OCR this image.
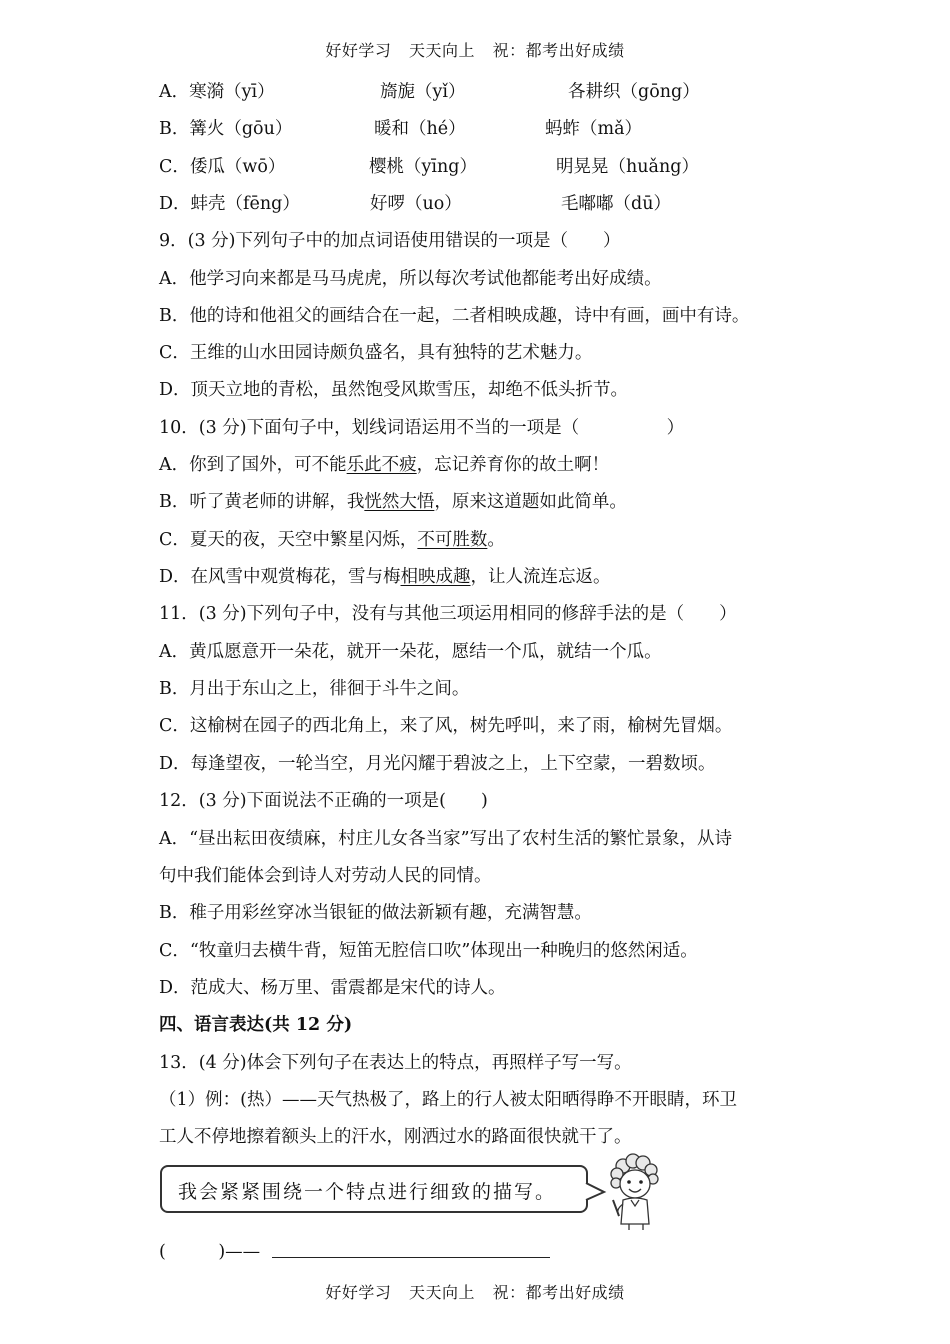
好好学习 天天向上 祝：都考出好成绩
A．寒漪（yī）	旖旎（yǐ）	各耕织（gōng）
B．篝火（gōu）	暖和（hé）	蚂蚱（mǎ）
C．倭瓜（wō）	樱桃（yīng）	明晃晃（huǎng）
D．蚌壳（fēng）	好啰（uo）	毛嘟嘟（dū）
9．(3 分)下列句子中的加点词语使用错误的一项是（　　）
A．他学习向来都是马马虎虎，所以每次考试他都能考出好成绩。
B．他的诗和他祖父的画结合在一起，二者相映成趣，诗中有画，画中有诗。
C．王维的山水田园诗颇负盛名，具有独特的艺术魅力。
D．顶天立地的青松，虽然饱受风欺雪压，却绝不低头折节。
10．(3 分)下面句子中，划线词语运用不当的一项是（　　　　　）
A．你到了国外，可不能乐此不疲，忘记养育你的故土啊！
B．听了黄老师的讲解，我恍然大悟，原来这道题如此简单。
C．夏天的夜，天空中繁星闪烁，不可胜数。
D．在风雪中观赏梅花，雪与梅相映成趣，让人流连忘返。
11．(3 分)下列句子中，没有与其他三项运用相同的修辞手法的是（　　）
A．黄瓜愿意开一朵花，就开一朵花，愿结一个瓜，就结一个瓜。
B．月出于东山之上，徘徊于斗牛之间。
C．这榆树在园子的西北角上，来了风，树先呼叫，来了雨，榆树先冒烟。
D．每逢望夜，一轮当空，月光闪耀于碧波之上，上下空蒙，一碧数顷。
12．(3 分)下面说法不正确的一项是(　　)
A．“昼出耘田夜绩麻，村庄儿女各当家”写出了农村生活的繁忙景象，从诗
句中我们能体会到诗人对劳动人民的同情。
B．稚子用彩丝穿冰当银钲的做法新颖有趣，充满智慧。
C．“牧童归去横牛背，短笛无腔信口吹”体现出一种晚归的悠然闲适。
D．范成大、杨万里、雷震都是宋代的诗人。
四、语言表达(共 12 分)
13．(4 分)体会下列句子在表达上的特点，再照样子写一写。
（1）例：(热）——天气热极了，路上的行人被太阳晒得睁不开眼睛，环卫
工人不停地擦着额头上的汗水，刚洒过水的路面很快就干了。
我会紧紧围绕一个特点进行细致的描写。
(　　　)——
好好学习 天天向上 祝：都考出好成绩
